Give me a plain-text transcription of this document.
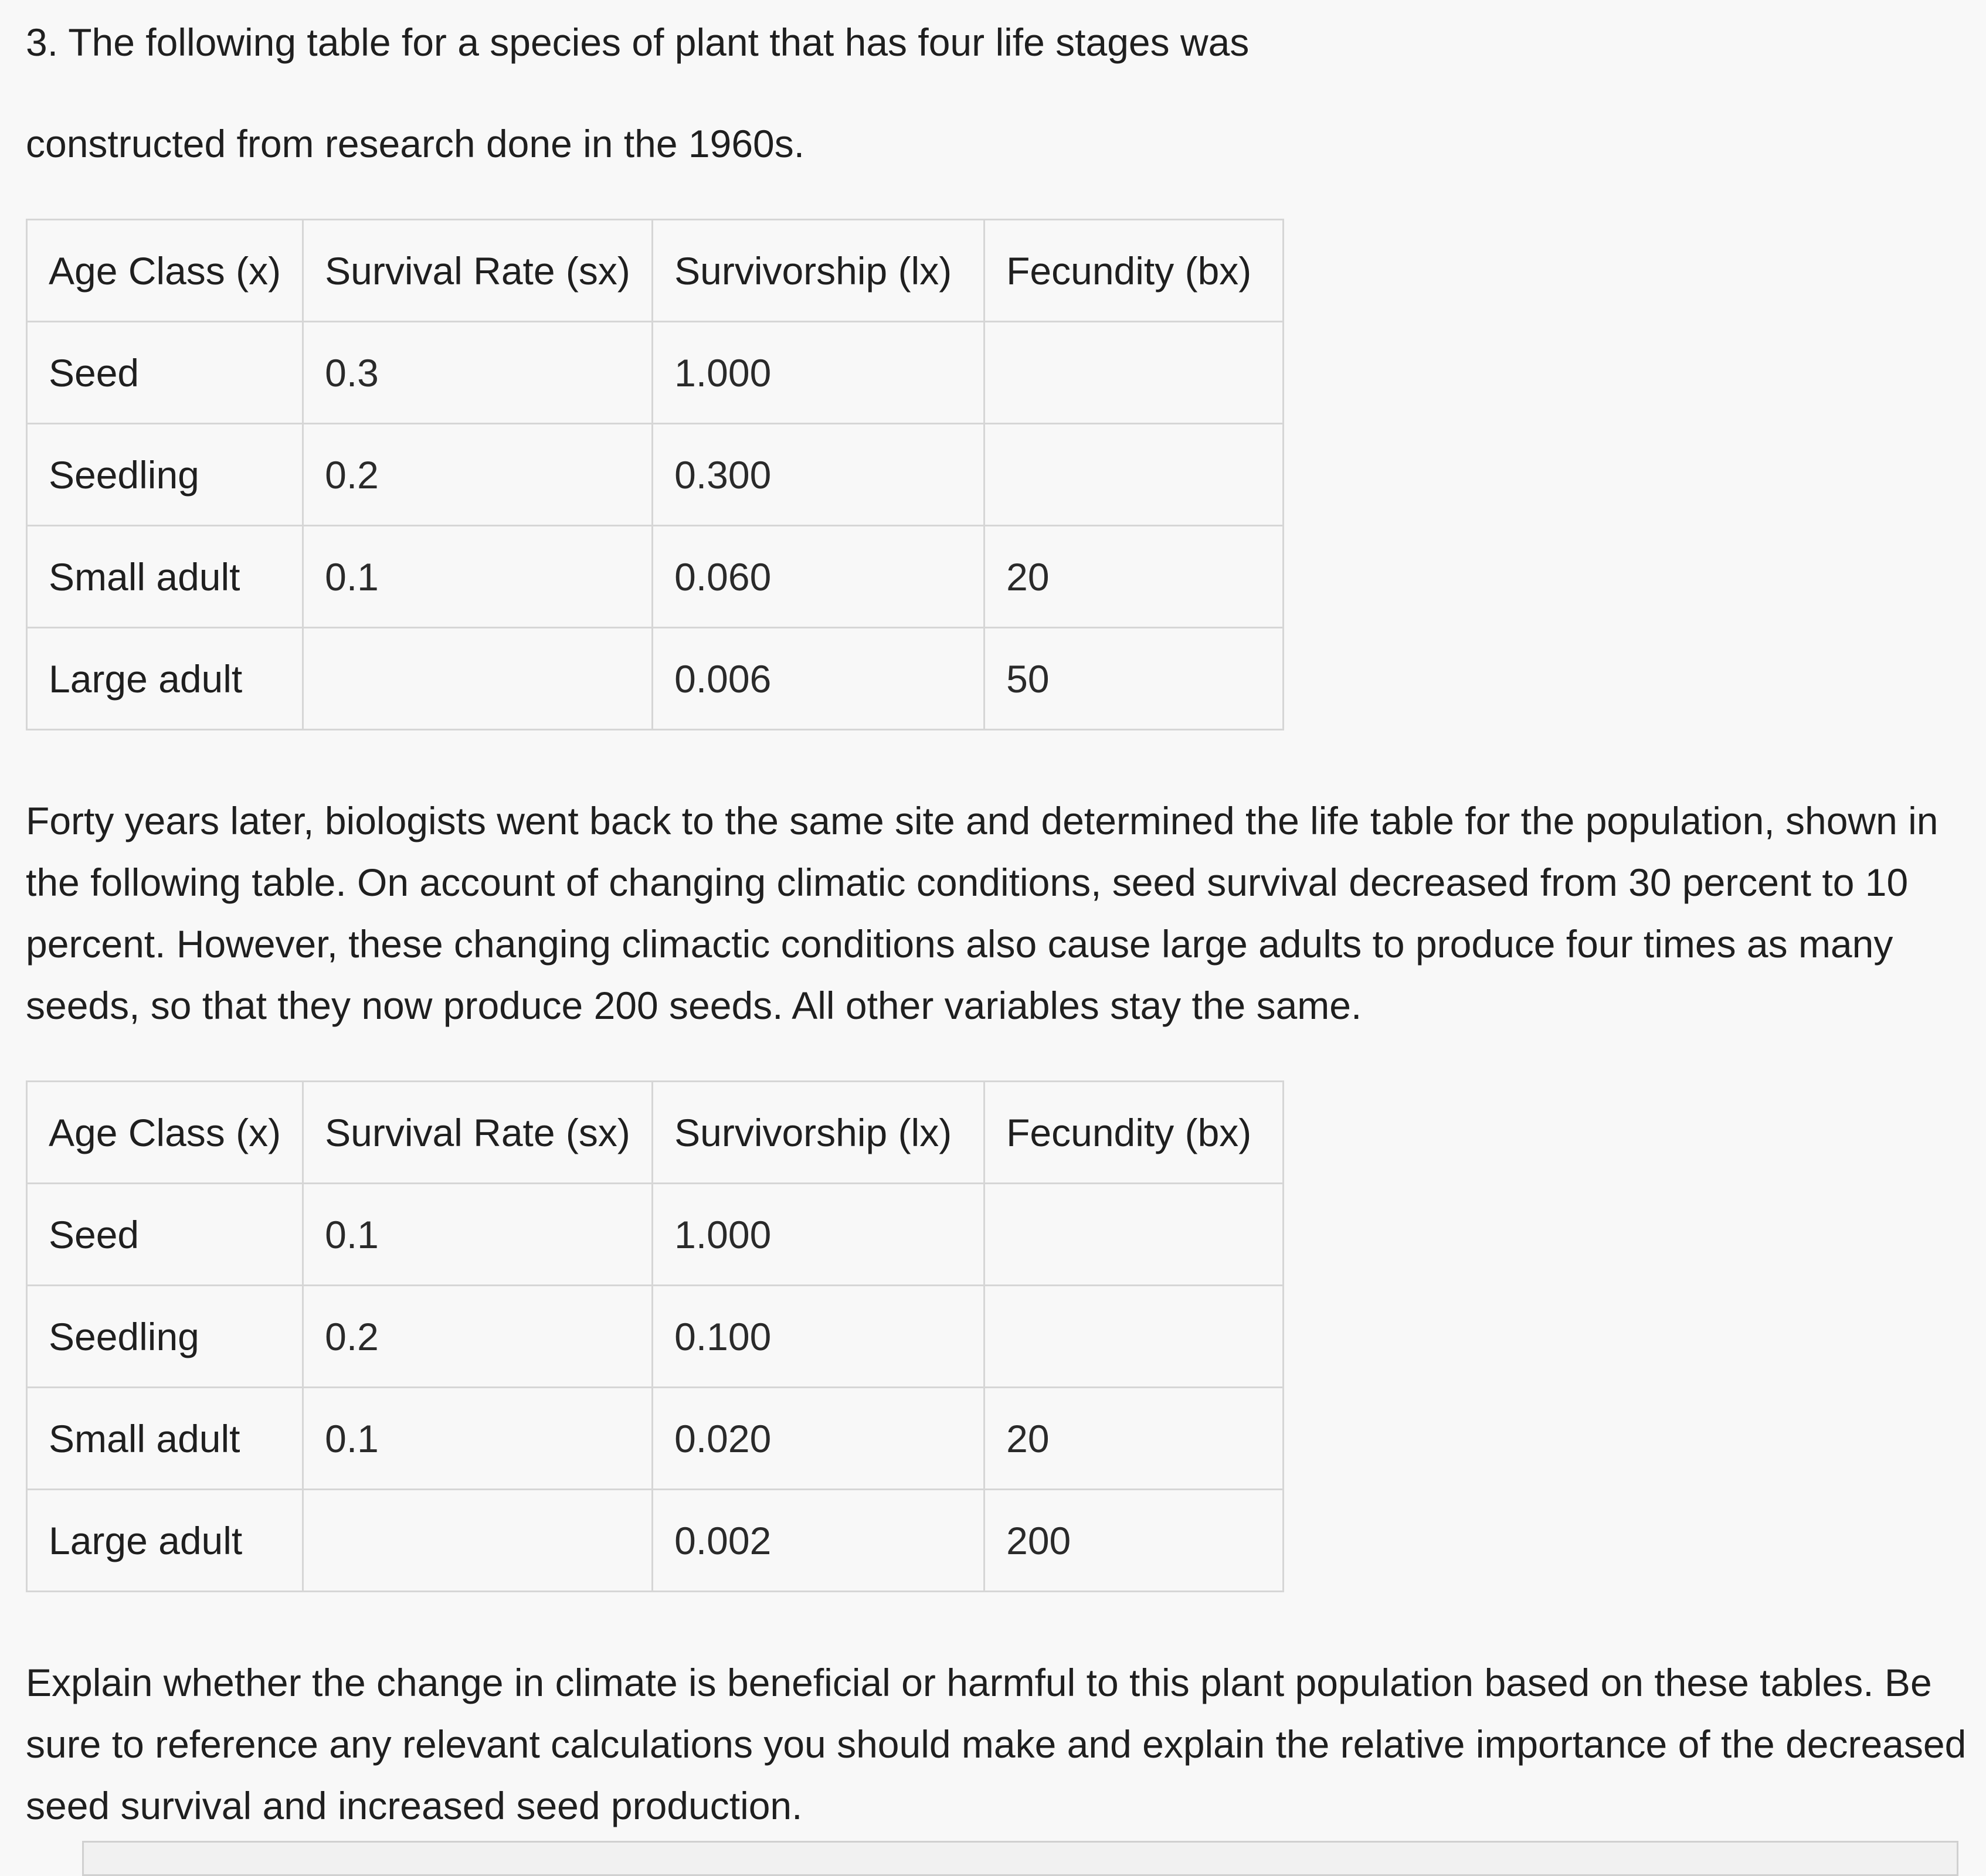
3. The following table for a species of plant that has four life stages was
constructed from research done in the 1960s.
Age Class (x)	Survival Rate (sx)	Survivorship (lx)	Fecundity (bx)
Seed	0.3	1.000	
Seedling	0.2	0.300	
Small adult	0.1	0.060	20
Large adult		0.006	50
Forty years later, biologists went back to the same site and determined the life table for the population, shown in the following table. On account of changing climatic conditions, seed survival decreased from 30 percent to 10 percent. However, these changing climactic conditions also cause large adults to produce four times as many seeds, so that they now produce 200 seeds. All other variables stay the same.
Age Class (x)	Survival Rate (sx)	Survivorship (lx)	Fecundity (bx)
Seed	0.1	1.000	
Seedling	0.2	0.100	
Small adult	0.1	0.020	20
Large adult		0.002	200
Explain whether the change in climate is beneficial or harmful to this plant population based on these tables. Be sure to reference any relevant calculations you should make and explain the relative importance of the decreased seed survival and increased seed production.
